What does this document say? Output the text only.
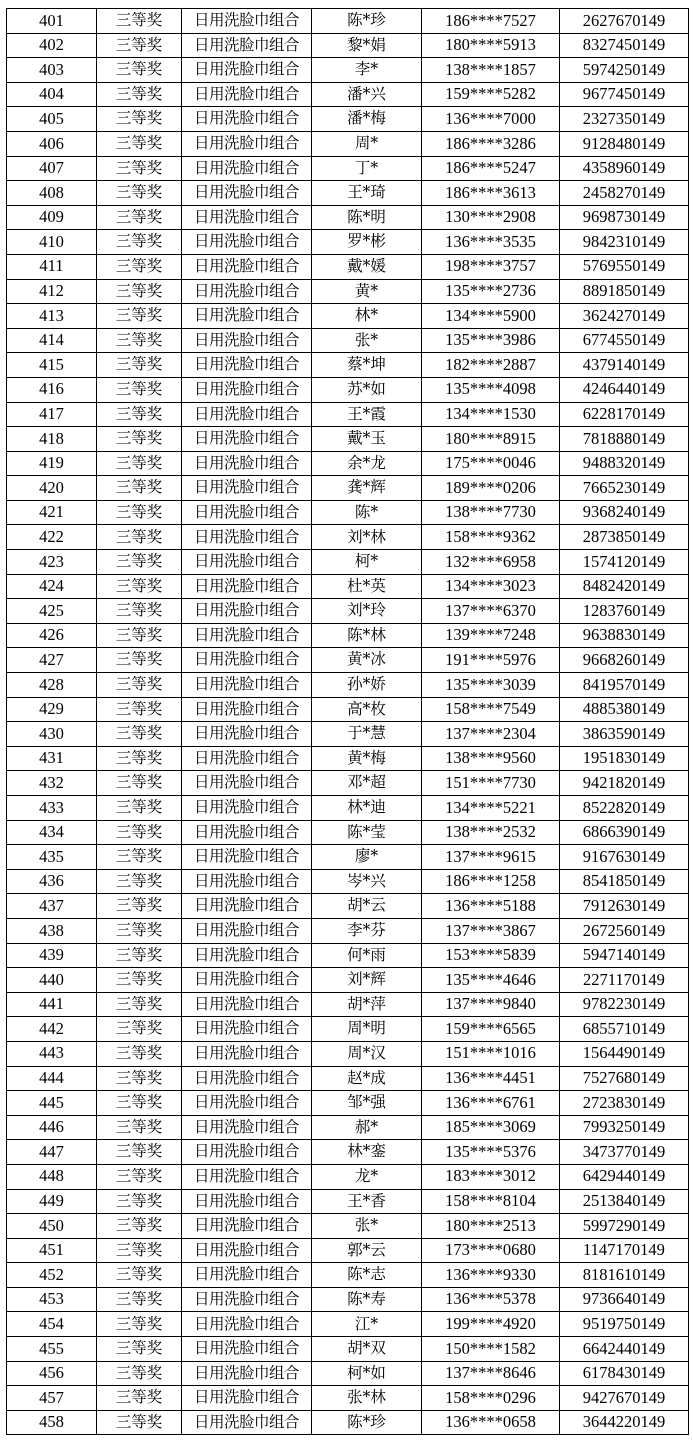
401	三等奖	日用洗脸巾组合	陈*珍	186****7527	2627670149
402	三等奖	日用洗脸巾组合	黎*娟	180****5913	8327450149
403	三等奖	日用洗脸巾组合	李*	138****1857	5974250149
404	三等奖	日用洗脸巾组合	潘*兴	159****5282	9677450149
405	三等奖	日用洗脸巾组合	潘*梅	136****7000	2327350149
406	三等奖	日用洗脸巾组合	周*	186****3286	9128480149
407	三等奖	日用洗脸巾组合	丁*	186****5247	4358960149
408	三等奖	日用洗脸巾组合	王*琦	186****3613	2458270149
409	三等奖	日用洗脸巾组合	陈*明	130****2908	9698730149
410	三等奖	日用洗脸巾组合	罗*彬	136****3535	9842310149
411	三等奖	日用洗脸巾组合	戴*媛	198****3757	5769550149
412	三等奖	日用洗脸巾组合	黄*	135****2736	8891850149
413	三等奖	日用洗脸巾组合	林*	134****5900	3624270149
414	三等奖	日用洗脸巾组合	张*	135****3986	6774550149
415	三等奖	日用洗脸巾组合	蔡*坤	182****2887	4379140149
416	三等奖	日用洗脸巾组合	苏*如	135****4098	4246440149
417	三等奖	日用洗脸巾组合	王*霞	134****1530	6228170149
418	三等奖	日用洗脸巾组合	戴*玉	180****8915	7818880149
419	三等奖	日用洗脸巾组合	余*龙	175****0046	9488320149
420	三等奖	日用洗脸巾组合	龚*辉	189****0206	7665230149
421	三等奖	日用洗脸巾组合	陈*	138****7730	9368240149
422	三等奖	日用洗脸巾组合	刘*林	158****9362	2873850149
423	三等奖	日用洗脸巾组合	柯*	132****6958	1574120149
424	三等奖	日用洗脸巾组合	杜*英	134****3023	8482420149
425	三等奖	日用洗脸巾组合	刘*玲	137****6370	1283760149
426	三等奖	日用洗脸巾组合	陈*林	139****7248	9638830149
427	三等奖	日用洗脸巾组合	黄*冰	191****5976	9668260149
428	三等奖	日用洗脸巾组合	孙*娇	135****3039	8419570149
429	三等奖	日用洗脸巾组合	高*枚	158****7549	4885380149
430	三等奖	日用洗脸巾组合	于*慧	137****2304	3863590149
431	三等奖	日用洗脸巾组合	黄*梅	138****9560	1951830149
432	三等奖	日用洗脸巾组合	邓*超	151****7730	9421820149
433	三等奖	日用洗脸巾组合	林*迪	134****5221	8522820149
434	三等奖	日用洗脸巾组合	陈*莹	138****2532	6866390149
435	三等奖	日用洗脸巾组合	廖*	137****9615	9167630149
436	三等奖	日用洗脸巾组合	岑*兴	186****1258	8541850149
437	三等奖	日用洗脸巾组合	胡*云	136****5188	7912630149
438	三等奖	日用洗脸巾组合	李*芬	137****3867	2672560149
439	三等奖	日用洗脸巾组合	何*雨	153****5839	5947140149
440	三等奖	日用洗脸巾组合	刘*辉	135****4646	2271170149
441	三等奖	日用洗脸巾组合	胡*萍	137****9840	9782230149
442	三等奖	日用洗脸巾组合	周*明	159****6565	6855710149
443	三等奖	日用洗脸巾组合	周*汉	151****1016	1564490149
444	三等奖	日用洗脸巾组合	赵*成	136****4451	7527680149
445	三等奖	日用洗脸巾组合	邹*强	136****6761	2723830149
446	三等奖	日用洗脸巾组合	郝*	185****3069	7993250149
447	三等奖	日用洗脸巾组合	林*銮	135****5376	3473770149
448	三等奖	日用洗脸巾组合	龙*	183****3012	6429440149
449	三等奖	日用洗脸巾组合	王*香	158****8104	2513840149
450	三等奖	日用洗脸巾组合	张*	180****2513	5997290149
451	三等奖	日用洗脸巾组合	郭*云	173****0680	1147170149
452	三等奖	日用洗脸巾组合	陈*志	136****9330	8181610149
453	三等奖	日用洗脸巾组合	陈*寿	136****5378	9736640149
454	三等奖	日用洗脸巾组合	江*	199****4920	9519750149
455	三等奖	日用洗脸巾组合	胡*双	150****1582	6642440149
456	三等奖	日用洗脸巾组合	柯*如	137****8646	6178430149
457	三等奖	日用洗脸巾组合	张*林	158****0296	9427670149
458	三等奖	日用洗脸巾组合	陈*珍	136****0658	3644220149
